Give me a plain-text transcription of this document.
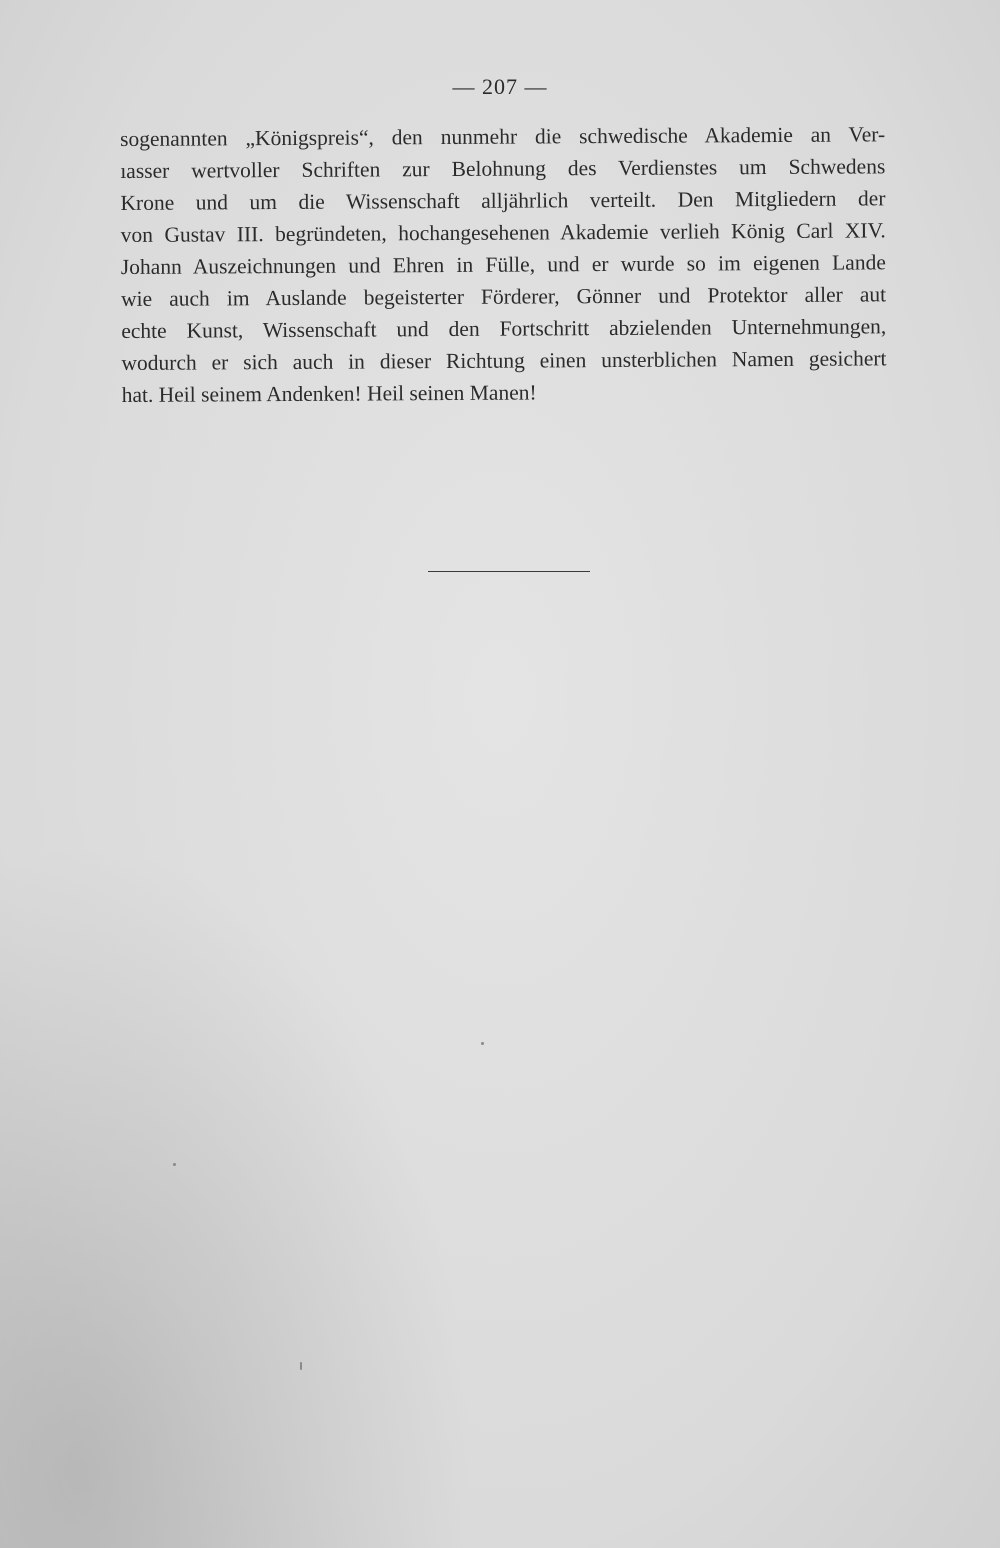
— 207 —
sogenannten „Königspreis“, den nunmehr die schwedische Akademie an Ver-
ıasser wertvoller Schriften zur Belohnung des Verdienstes um Schwedens
Krone und um die Wissenschaft alljährlich verteilt. Den Mitgliedern der
von Gustav III. begründeten, hochangesehenen Akademie verlieh König Carl XIV.
Johann Auszeichnungen und Ehren in Fülle, und er wurde so im eigenen Lande
wie auch im Auslande begeisterter Förderer, Gönner und Protektor aller aut
echte Kunst, Wissenschaft und den Fortschritt abzielenden Unternehmungen,
wodurch er sich auch in dieser Richtung einen unsterblichen Namen gesichert
hat. Heil seinem Andenken! Heil seinen Manen!
